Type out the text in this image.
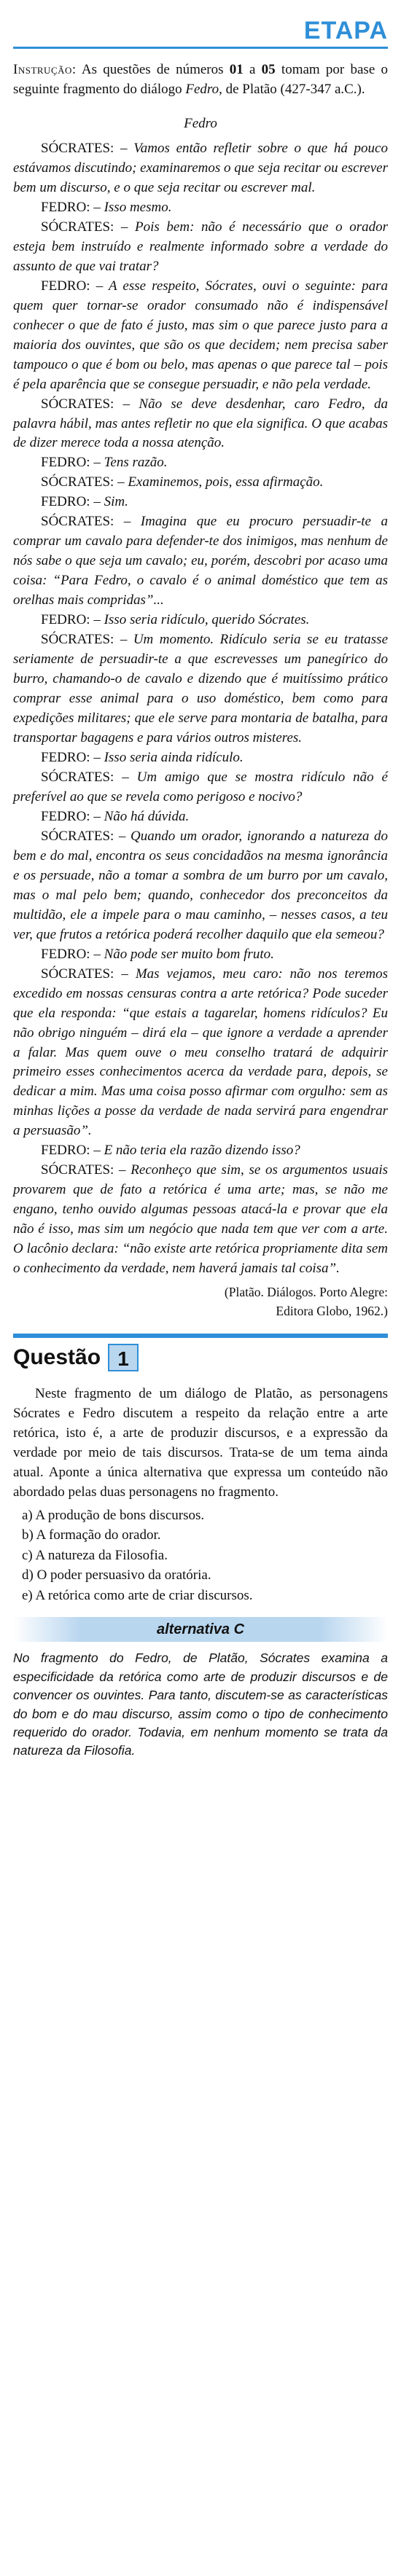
ETAPA

Instrução: As questões de números 01 a 05 tomam por base o seguinte fragmento do diálogo Fedro, de Platão (427-347 a.C.).

Fedro

SÓCRATES: – Vamos então refletir sobre o que há pouco estávamos discutindo; examinaremos o que seja recitar ou escrever bem um discurso, e o que seja recitar ou escrever mal.

FEDRO: – Isso mesmo.

SÓCRATES: – Pois bem: não é necessário que o orador esteja bem instruído e realmente informado sobre a verdade do assunto de que vai tratar?

FEDRO: – A esse respeito, Sócrates, ouvi o seguinte: para quem quer tornar-se orador consumado não é indispensável conhecer o que de fato é justo, mas sim o que parece justo para a maioria dos ouvintes, que são os que decidem; nem precisa saber tampouco o que é bom ou belo, mas apenas o que parece tal – pois é pela aparência que se consegue persuadir, e não pela verdade.

SÓCRATES: – Não se deve desdenhar, caro Fedro, da palavra hábil, mas antes refletir no que ela significa. O que acabas de dizer merece toda a nossa atenção.

FEDRO: – Tens razão.

SÓCRATES: – Examinemos, pois, essa afirmação.

FEDRO: – Sim.

SÓCRATES: – Imagina que eu procuro persuadir-te a comprar um cavalo para defender-te dos inimigos, mas nenhum de nós sabe o que seja um cavalo; eu, porém, descobri por acaso uma coisa: “Para Fedro, o cavalo é o animal doméstico que tem as orelhas mais compridas”...

FEDRO: – Isso seria ridículo, querido Sócrates.

SÓCRATES: – Um momento. Ridículo seria se eu tratasse seriamente de persuadir-te a que escrevesses um panegírico do burro, chamando-o de cavalo e dizendo que é muitíssimo prático comprar esse animal para o uso doméstico, bem como para expedições militares; que ele serve para montaria de batalha, para transportar bagagens e para vários outros misteres.

FEDRO: – Isso seria ainda ridículo.

SÓCRATES: – Um amigo que se mostra ridículo não é preferível ao que se revela como perigoso e nocivo?

FEDRO: – Não há dúvida.

SÓCRATES: – Quando um orador, ignorando a natureza do bem e do mal, encontra os seus concidadãos na mesma ignorância e os persuade, não a tomar a sombra de um burro por um cavalo, mas o mal pelo bem; quando, conhecedor dos preconceitos da multidão, ele a impele para o mau caminho, – nesses casos, a teu ver, que frutos a retórica poderá recolher daquilo que ela semeou?

FEDRO: – Não pode ser muito bom fruto.

SÓCRATES: – Mas vejamos, meu caro: não nos teremos excedido em nossas censuras contra a arte retórica? Pode suceder que ela responda: “que estais a tagarelar, homens ridículos? Eu não obrigo ninguém – dirá ela – que ignore a verdade a aprender a falar. Mas quem ouve o meu conselho tratará de adquirir primeiro esses conhecimentos acerca da verdade para, depois, se dedicar a mim. Mas uma coisa posso afirmar com orgulho: sem as minhas lições a posse da verdade de nada servirá para engendrar a persuasão”.

FEDRO: – E não teria ela razão dizendo isso?

SÓCRATES: – Reconheço que sim, se os argumentos usuais provarem que de fato a retórica é uma arte; mas, se não me engano, tenho ouvido algumas pessoas atacá-la e provar que ela não é isso, mas sim um negócio que nada tem que ver com a arte. O lacônio declara: “não existe arte retórica propriamente dita sem o conhecimento da verdade, nem haverá jamais tal coisa”.

(Platão. Diálogos. Porto Alegre:
Editora Globo, 1962.)
Questão 1

Neste fragmento de um diálogo de Platão, as personagens Sócrates e Fedro discutem a respeito da relação entre a arte retórica, isto é, a arte de produzir discursos, e a expressão da verdade por meio de tais discursos. Trata-se de um tema ainda atual. Aponte a única alternativa que expressa um conteúdo não abordado pelas duas personagens no fragmento.

a) A produção de bons discursos.
b) A formação do orador.
c) A natureza da Filosofia.
d) O poder persuasivo da oratória.
e) A retórica como arte de criar discursos.
alternativa C

No fragmento do Fedro, de Platão, Sócrates examina a especificidade da retórica como arte de produzir discursos e de convencer os ouvintes. Para tanto, discutem-se as características do bom e do mau discurso, assim como o tipo de conhecimento requerido do orador. Todavia, em nenhum momento se trata da natureza da Filosofia.
